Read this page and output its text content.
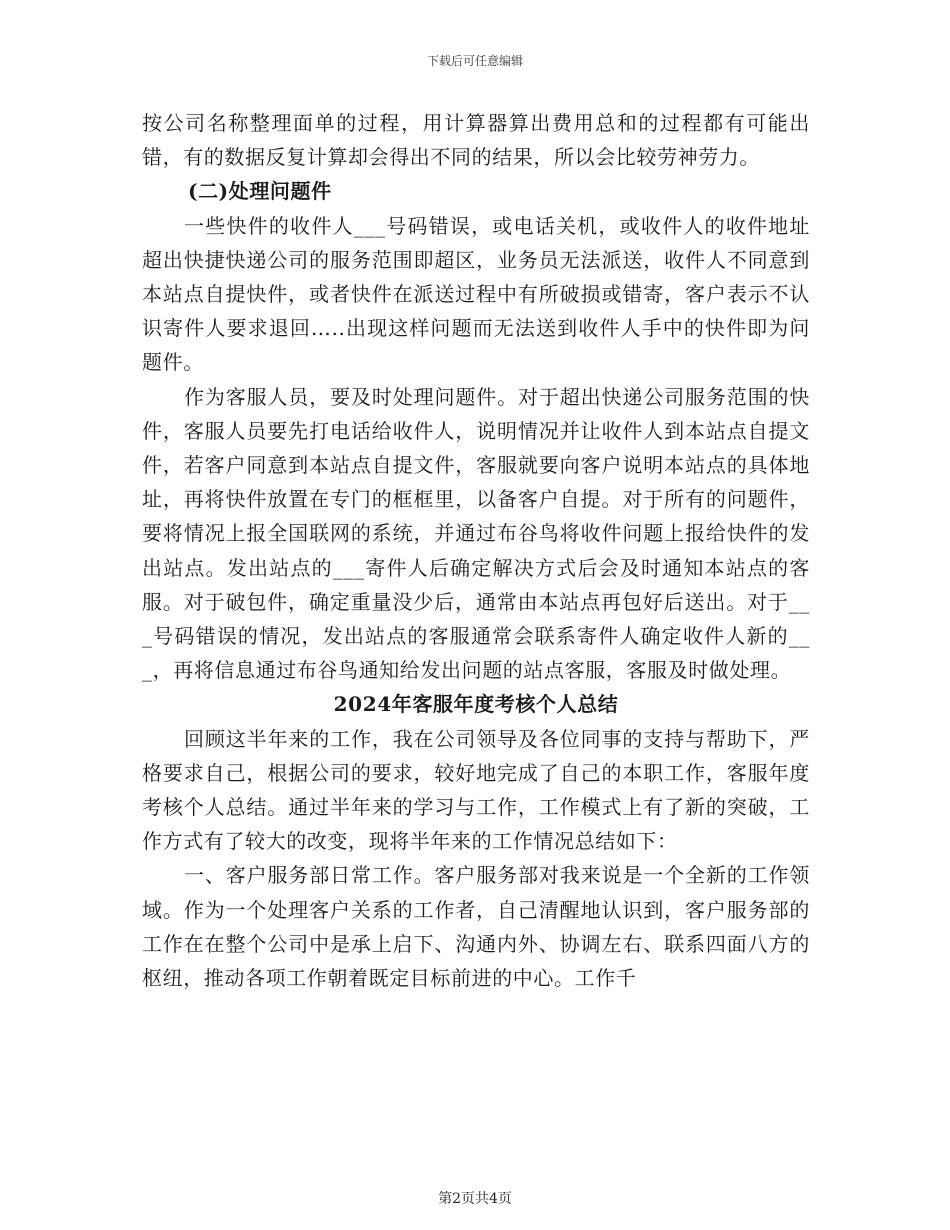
下载后可任意编辑

按公司名称整理面单的过程，用计算器算出费用总和的过程都有可能出错，有的数据反复计算却会得出不同的结果，所以会比较劳神劳力。

(二)处理问题件

一些快件的收件人___号码错误，或电话关机，或收件人的收件地址超出快捷快递公司的服务范围即超区，业务员无法派送，收件人不同意到本站点自提快件，或者快件在派送过程中有所破损或错寄，客户表示不认识寄件人要求退回…..出现这样问题而无法送到收件人手中的快件即为问题件。

作为客服人员，要及时处理问题件。对于超出快递公司服务范围的快件，客服人员要先打电话给收件人，说明情况并让收件人到本站点自提文件，若客户同意到本站点自提文件，客服就要向客户说明本站点的具体地址，再将快件放置在专门的框框里，以备客户自提。对于所有的问题件，要将情况上报全国联网的系统，并通过布谷鸟将收件问题上报给快件的发出站点。发出站点的___寄件人后确定解决方式后会及时通知本站点的客服。对于破包件，确定重量没少后，通常由本站点再包好后送出。对于___号码错误的情况，发出站点的客服通常会联系寄件人确定收件人新的___，再将信息通过布谷鸟通知给发出问题的站点客服，客服及时做处理。

2024年客服年度考核个人总结

回顾这半年来的工作，我在公司领导及各位同事的支持与帮助下，严格要求自己，根据公司的要求，较好地完成了自己的本职工作，客服年度考核个人总结。通过半年来的学习与工作，工作模式上有了新的突破，工作方式有了较大的改变，现将半年来的工作情况总结如下：

一、客户服务部日常工作。客户服务部对我来说是一个全新的工作领域。作为一个处理客户关系的工作者，自己清醒地认识到，客户服务部的工作在在整个公司中是承上启下、沟通内外、协调左右、联系四面八方的枢纽，推动各项工作朝着既定目标前进的中心。工作千

第2页共4页
